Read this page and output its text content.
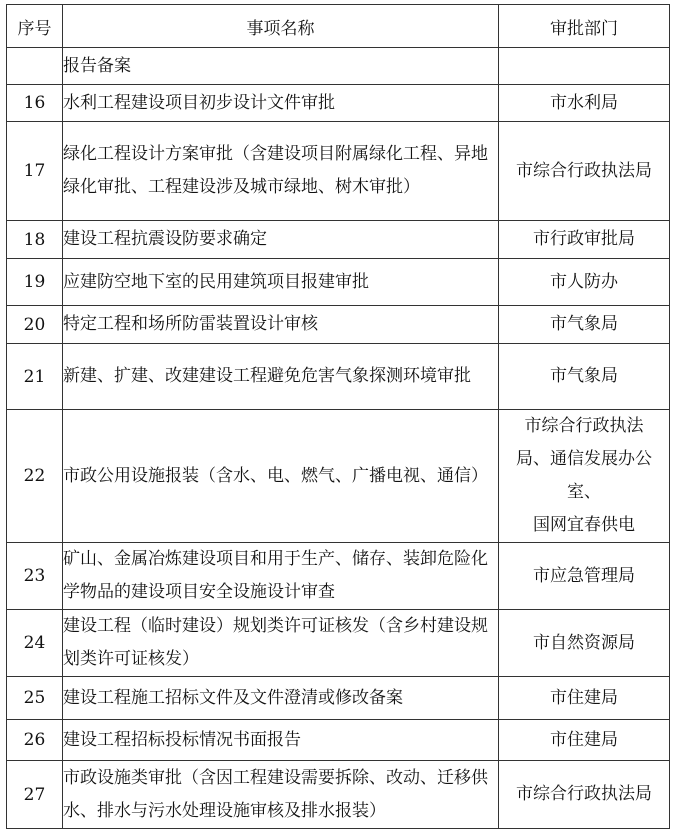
序号	事项名称	审批部门
	报告备案	
16	水利工程建设项目初步设计文件审批	市水利局
17	绿化工程设计方案审批（含建设项目附属绿化工程、异地绿化审批、工程建设涉及城市绿地、树木审批）	市综合行政执法局
18	建设工程抗震设防要求确定	市行政审批局
19	应建防空地下室的民用建筑项目报建审批	市人防办
20	特定工程和场所防雷装置设计审核	市气象局
21	新建、扩建、改建建设工程避免危害气象探测环境审批	市气象局
22	市政公用设施报装（含水、电、燃气、广播电视、通信）	市综合行政执法
局、通信发展办公
室、
国网宜春供电

23	矿山、金属冶炼建设项目和用于生产、储存、装卸危险化学物品的建设项目安全设施设计审查	市应急管理局
24	建设工程（临时建设）规划类许可证核发（含乡村建设规划类许可证核发）	市自然资源局
25	建设工程施工招标文件及文件澄清或修改备案	市住建局
26	建设工程招标投标情况书面报告	市住建局
27	市政设施类审批（含因工程建设需要拆除、改动、迁移供水、排水与污水处理设施审核及排水报装）	市综合行政执法局
